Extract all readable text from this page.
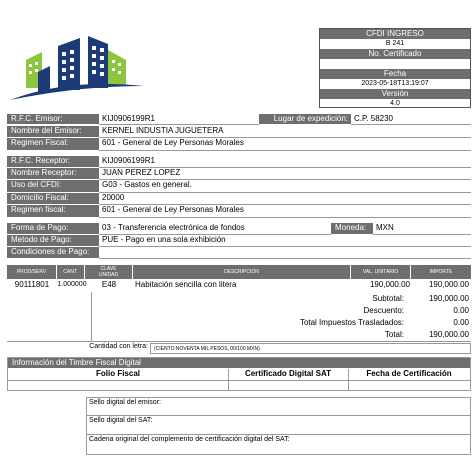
CFDI INGRESO
B 241
No. Certificado
Fecha
2023-05-18T13:19:07
Versión
4.0
R.F.C. Emisor:	KIJ0906199R1	Lugar de expedición: C.P. 58230
Nombre del Emisor:	KERNEL INDUSTIA JUGUETERA
Regimen Fiscal:	601 - General de Ley Personas Morales
R.F.C. Receptor:	KIJ0906199R1
Nombre Receptor:	JUAN PEREZ LOPEZ
Uso del CFDI:	G03 - Gastos en general.
Domicilio Fiscal:	20000
Regimen fiscal:	601 - General de Ley Personas Morales
Forma de Pago:	03 - Transferencia electrónica de fondos	Moneda:	MXN
Metodo de Pago:	PUE - Pago en una sola exhibición
Condiciones de Pago:
PROD/SERV	CANT.	CLAVE UNIDAD	DESCRIPCION	VAL. UNITARIO	IMPORTE
90111801	1.000000	E48	Habitación sencilla con litera	190,000.00	190,000.00
Subtotal:	190,000.00
Descuento:	0.00
Total Impuestos Trasladados:	0.00
Total:	190,000.00
Cantidad con letra:	(CIENTO NOVENTA MIL PESOS, 00/100 MXN)
Información del Timbre Fiscal Digital
Folio Fiscal	Certificado Digital SAT	Fecha de Certificación
Sello digital del emisor:
Sello digital del SAT:
Cadena original del complemento de certificación digital del SAT:
